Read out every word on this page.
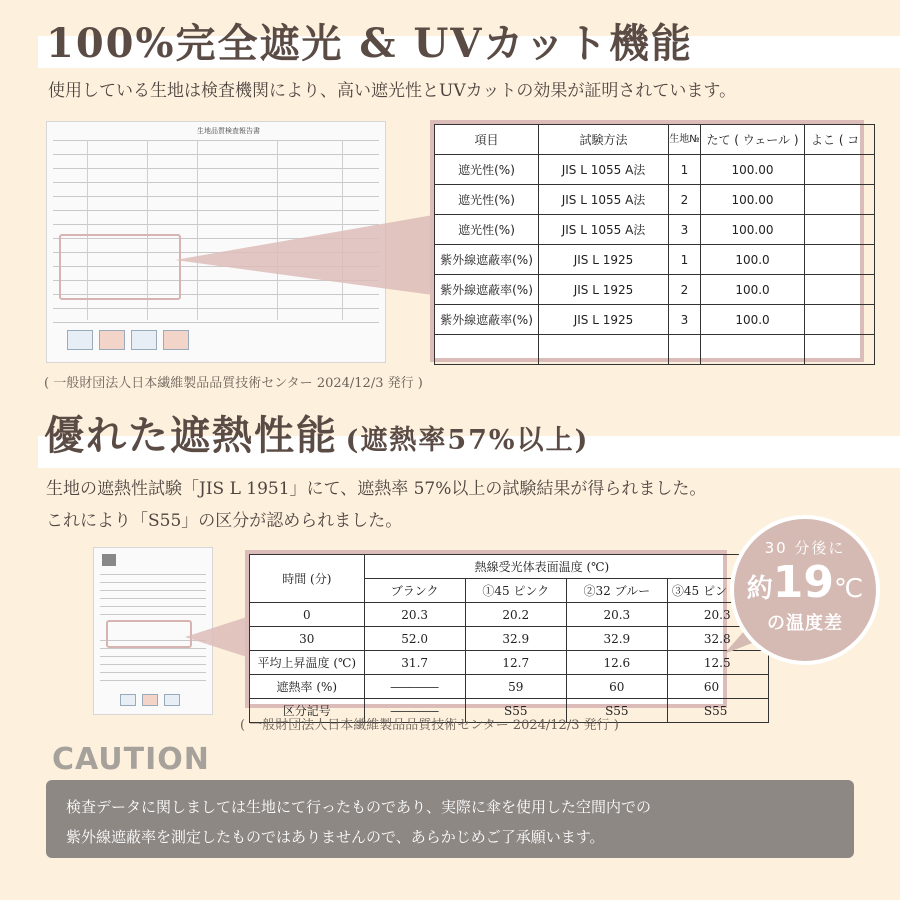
100%完全遮光 & UVカット機能
使用している生地は検査機関により、高い遮光性とUVカットの効果が証明されています。
生地品質検査報告書
項目	試験方法	生地№	たて ( ウェール )	よこ ( コ
遮光性(%)	JIS L 1055 A法	1	100.00	
遮光性(%)	JIS L 1055 A法	2	100.00	
遮光性(%)	JIS L 1055 A法	3	100.00	
紫外線遮蔽率(%)	JIS L 1925	1	100.0	
紫外線遮蔽率(%)	JIS L 1925	2	100.0	
紫外線遮蔽率(%)	JIS L 1925	3	100.0	

( 一般財団法人日本繊維製品品質技術センター 2024/12/3 発行 )
優れた遮熱性能 (遮熱率57%以上)
生地の遮熱性試験「JIS L 1951」にて、遮熱率 57%以上の試験結果が得られました。
これにより「S55」の区分が認められました。
時間 (分)	熱線受光体表面温度 (℃)			
	ブランク	①45 ピンク	②32 ブルー	③45 ピン
0	20.3	20.2	20.3	20.3
30	52.0	32.9	32.9	32.8
平均上昇温度 (℃)	31.7	12.7	12.6	12.5
遮熱率 (%)	――――	59	60	60
区分記号	――――	S55	S55	S55
( 一般財団法人日本繊維製品品質技術センター 2024/12/3 発行 )
30 分後に
約19℃
の温度差
CAUTION
検査データに関しましては生地にて行ったものであり、実際に傘を使用した空間内での
紫外線遮蔽率を測定したものではありませんので、あらかじめご了承願います。
